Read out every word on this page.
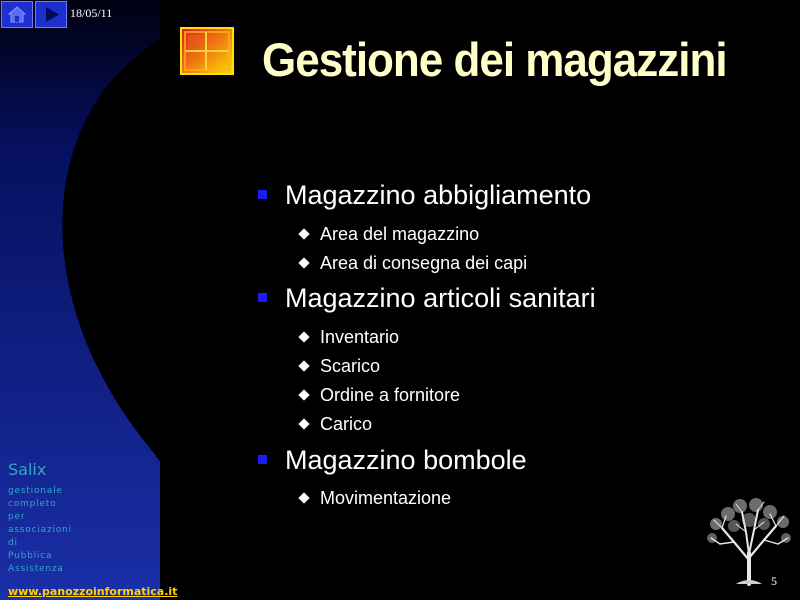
18/05/11
Gestione dei magazzini
Magazzino abbigliamento
Area del magazzino
Area di consegna dei capi
Magazzino articoli sanitari
Inventario
Scarico
Ordine a fornitore
Carico
Magazzino bombole
Movimentazione
Salix
gestionale
completo
per
associazioni
di
Pubblica
Assistenza
www.panozzoinformatica.it
5
